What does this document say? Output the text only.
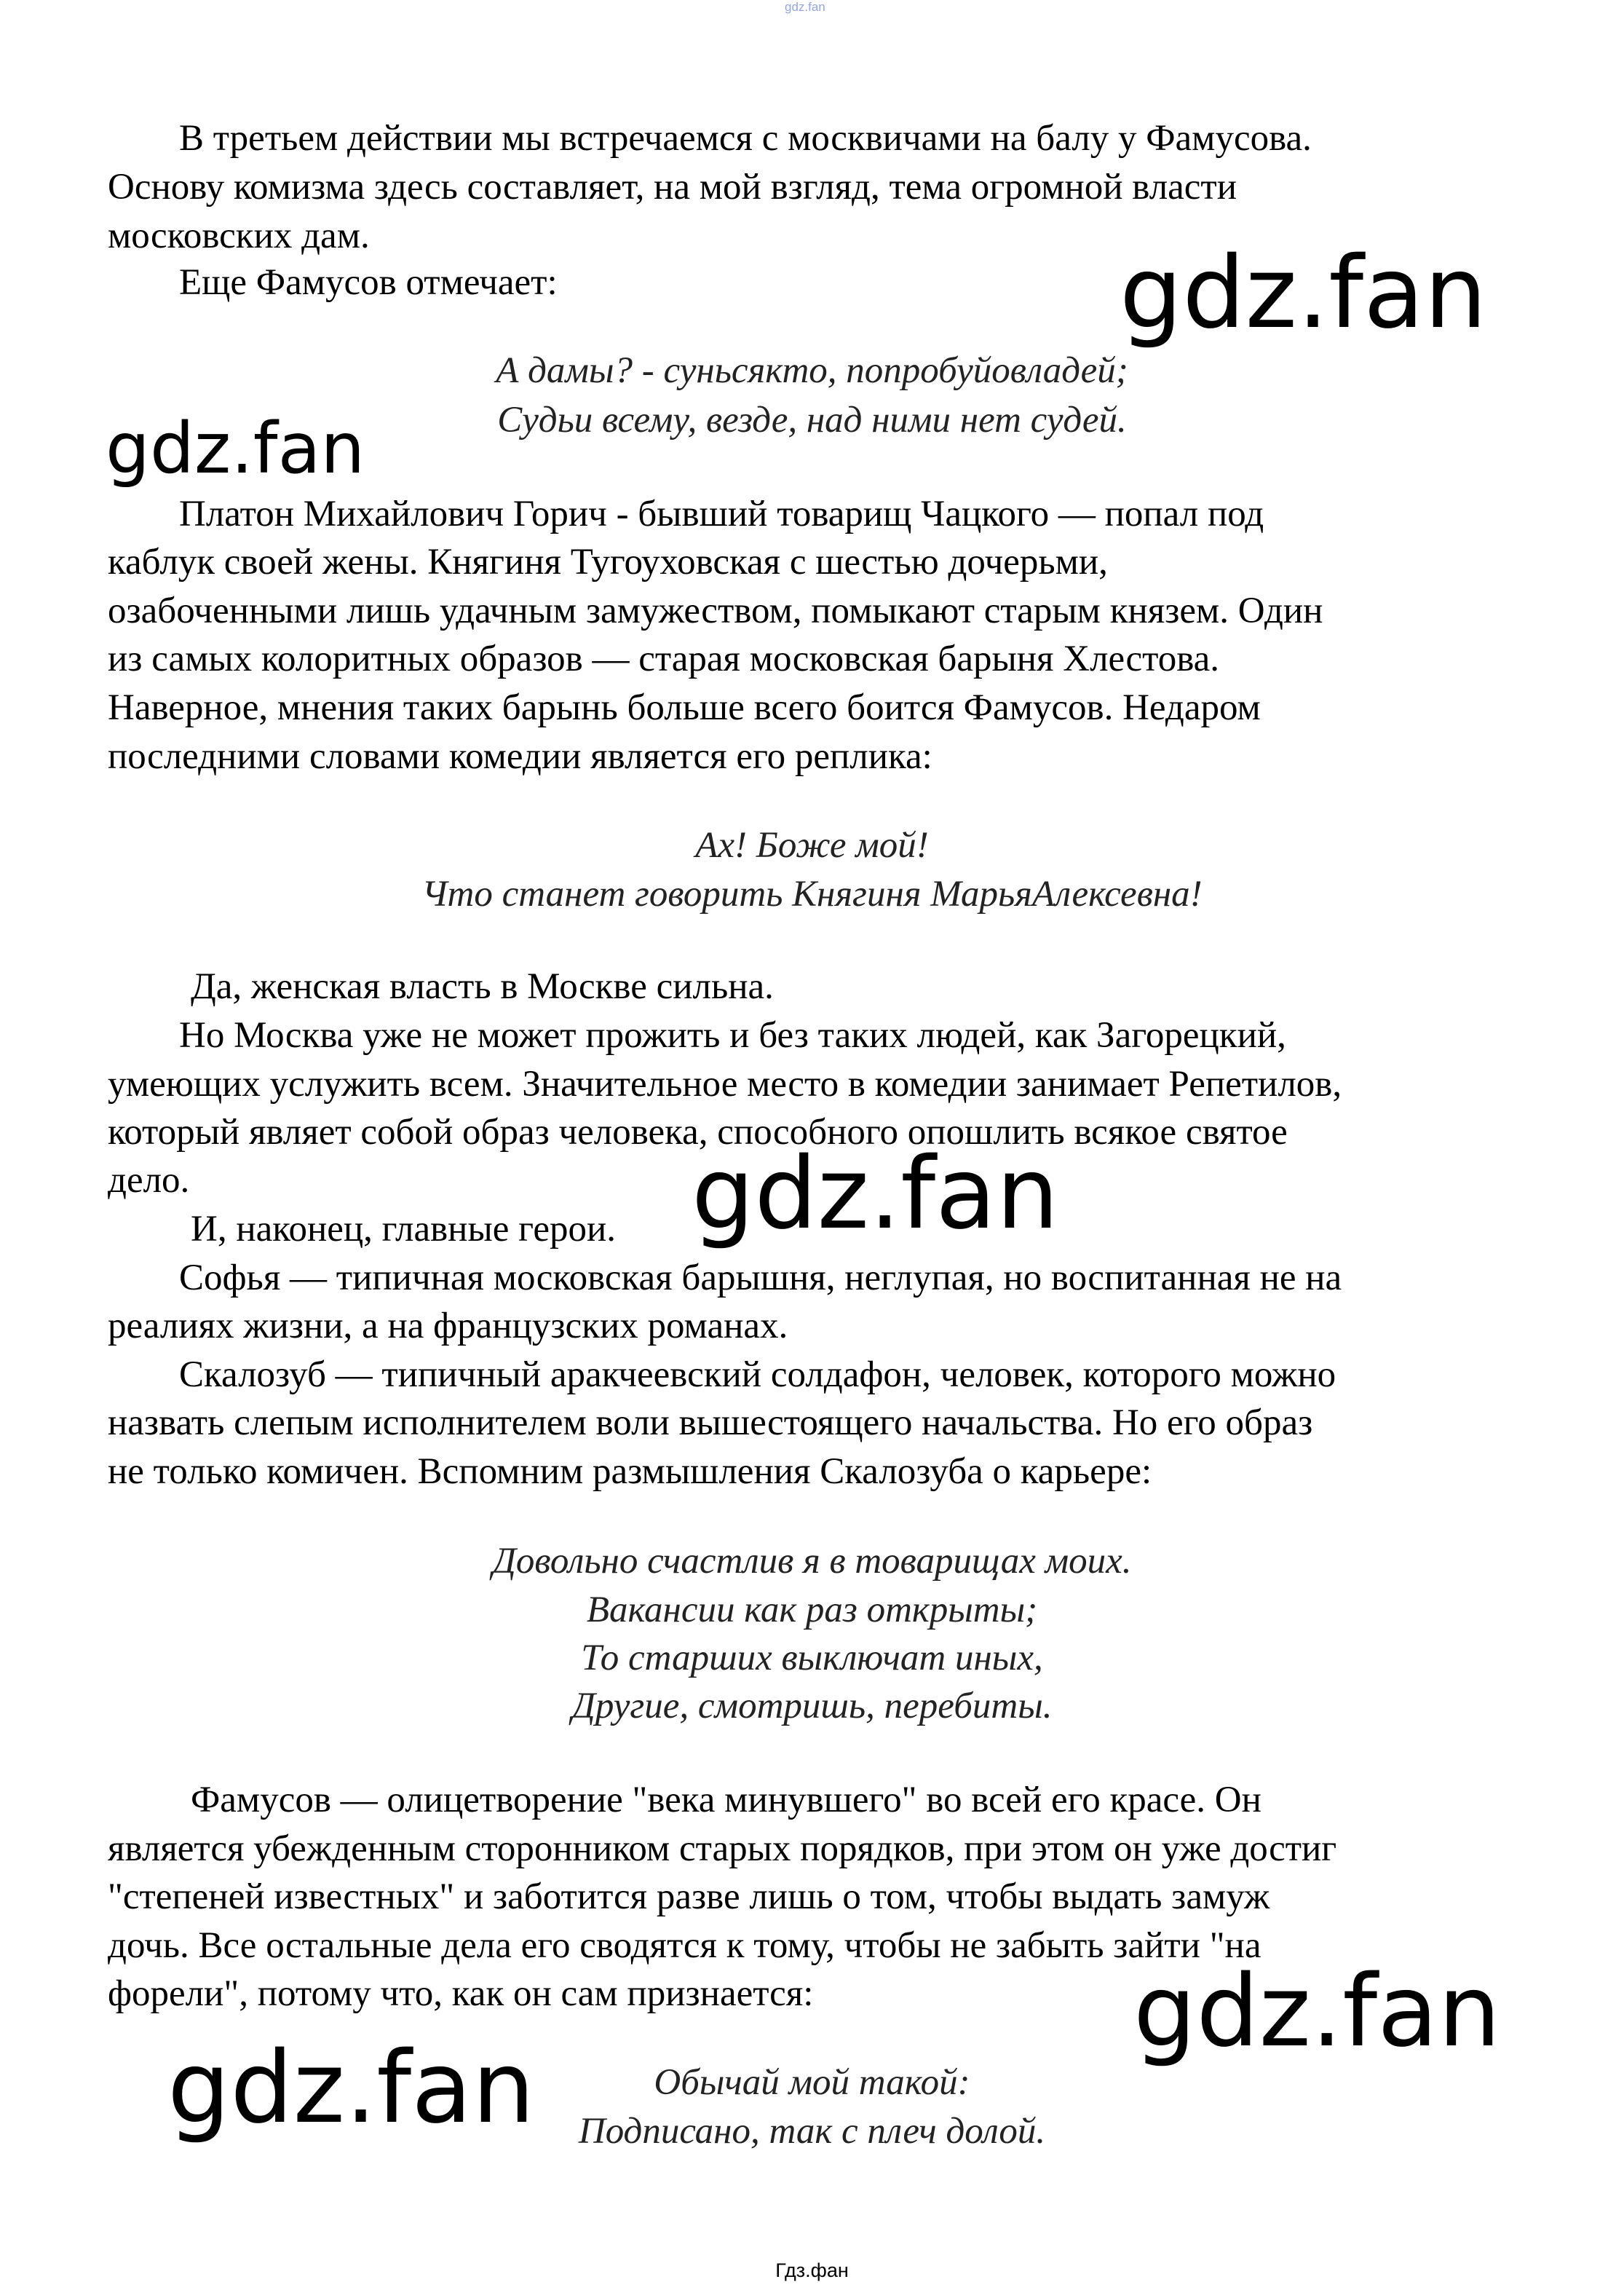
gdz.fan
В третьем действии мы встречаемся с москвичами на балу у Фамусова.
Основу комизма здесь составляет, на мой взгляд, тема огромной власти
московских дам.
Еще Фамусов отмечает:
А дамы? - суньсякто, попробуйовладей;
Судьи всему, везде, над ними нет судей.
Платон Михайлович Горич - бывший товарищ Чацкого — попал под
каблук своей жены. Княгиня Тугоуховская с шестью дочерьми,
озабоченными лишь удачным замужеством, помыкают старым князем. Один
из самых колоритных образов — старая московская барыня Хлестова.
Наверное, мнения таких барынь больше всего боится Фамусов. Недаром
последними словами комедии является его реплика:
Ах! Боже мой!
Что станет говорить Княгиня МарьяАлексевна!
Да, женская власть в Москве сильна.
Но Москва уже не может прожить и без таких людей, как Загорецкий,
умеющих услужить всем. Значительное место в комедии занимает Репетилов,
который являет собой образ человека, способного опошлить всякое святое
дело.
И, наконец, главные герои.
Софья — типичная московская барышня, неглупая, но воспитанная не на
реалиях жизни, а на французских романах.
Скалозуб — типичный аракчеевский солдафон, человек, которого можно
назвать слепым исполнителем воли вышестоящего начальства. Но его образ
не только комичен. Вспомним размышления Скалозуба о карьере:
Довольно счастлив я в товарищах моих.
Вакансии как раз открыты;
То старших выключат иных,
Другие, смотришь, перебиты.
Фамусов — олицетворение "века минувшего" во всей его красе. Он
является убежденным сторонником старых порядков, при этом он уже достиг
"степеней известных" и заботится разве лишь о том, чтобы выдать замуж
дочь. Все остальные дела его сводятся к тому, чтобы не забыть зайти "на
форели", потому что, как он сам признается:
Обычай мой такой:
Подписано, так с плеч долой.
gdz.fan
gdz.fan
gdz.fan
gdz.fan
gdz.fan
Гдз.фан
